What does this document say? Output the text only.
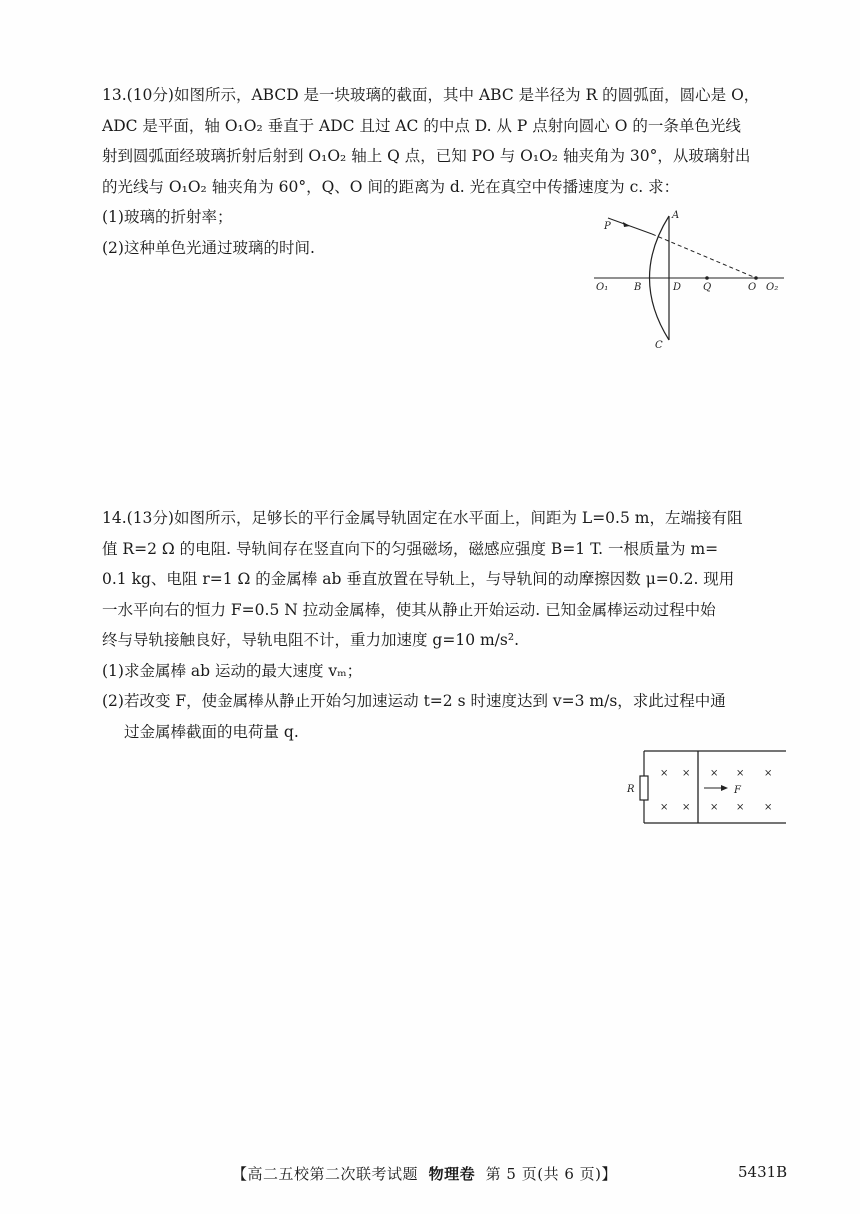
13.(10分)如图所示，ABCD 是一块玻璃的截面，其中 ABC 是半径为 R 的圆弧面，圆心是 O，

ADC 是平面，轴 O₁O₂ 垂直于 ADC 且过 AC 的中点 D. 从 P 点射向圆心 O 的一条单色光线

射到圆弧面经玻璃折射后射到 O₁O₂ 轴上 Q 点，已知 PO 与 O₁O₂ 轴夹角为 30°，从玻璃射出

的光线与 O₁O₂ 轴夹角为 60°，Q、O 间的距离为 d. 光在真空中传播速度为 c. 求：

(1)玻璃的折射率；

(2)这种单色光通过玻璃的时间.

P
A
B	D Q	O
O₁	O₂
C

14.(13分)如图所示，足够长的平行金属导轨固定在水平面上，间距为 L=0.5 m，左端接有阻

值 R=2 Ω 的电阻. 导轨间存在竖直向下的匀强磁场，磁感应强度 B=1 T. 一根质量为 m=

0.1 kg、电阻 r=1 Ω 的金属棒 ab 垂直放置在导轨上，与导轨间的动摩擦因数 μ=0.2. 现用

一水平向右的恒力 F=0.5 N 拉动金属棒，使其从静止开始运动. 已知金属棒运动过程中始

终与导轨接触良好，导轨电阻不计，重力加速度 g=10 m/s².

(1)求金属棒 ab 运动的最大速度 vₘ；

(2)若改变 F，使金属棒从静止开始匀加速运动 t=2 s 时速度达到 v=3 m/s，求此过程中通

过金属棒截面的电荷量 q.

R	F
× × × × ×
× × × × ×
【高二五校第二次联考试题 物理卷 第 5 页(共 6 页)】	5431B
